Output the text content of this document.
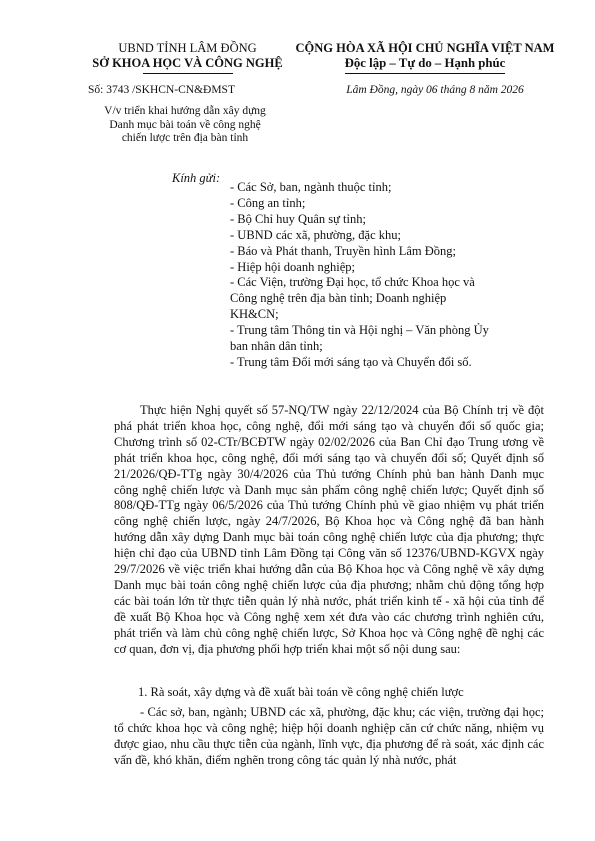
UBND TỈNH LÂM ĐỒNG
SỞ KHOA HỌC VÀ CÔNG NGHỆ
CỘNG HÒA XÃ HỘI CHỦ NGHĨA VIỆT NAM
Độc lập – Tự do – Hạnh phúc
Số: 3743 /SKHCN-CN&ĐMST	Lâm Đồng, ngày 06 tháng 8 năm 2026
V/v triển khai hướng dẫn xây dựng
Danh mục bài toán về công nghệ
chiến lược trên địa bàn tỉnh
Kính gửi:
- Các Sở, ban, ngành thuộc tỉnh;
- Công an tỉnh;
- Bộ Chỉ huy Quân sự tỉnh;
- UBND các xã, phường, đặc khu;
- Báo và Phát thanh, Truyền hình Lâm Đồng;
- Hiệp hội doanh nghiệp;
- Các Viện, trường Đại học, tổ chức Khoa học và
Công nghệ trên địa bàn tỉnh; Doanh nghiệp
KH&CN;
- Trung tâm Thông tin và Hội nghị – Văn phòng Ủy
ban nhân dân tỉnh;
- Trung tâm Đổi mới sáng tạo và Chuyển đổi số.

Thực hiện Nghị quyết số 57-NQ/TW ngày 22/12/2024 của Bộ Chính trị về đột phá phát triển khoa học, công nghệ, đổi mới sáng tạo và chuyển đổi số quốc gia; Chương trình số 02-CTr/BCĐTW ngày 02/02/2026 của Ban Chỉ đạo Trung ương về phát triển khoa học, công nghệ, đổi mới sáng tạo và chuyển đổi số; Quyết định số 21/2026/QĐ-TTg ngày 30/4/2026 của Thủ tướng Chính phủ ban hành Danh mục công nghệ chiến lược và Danh mục sản phẩm công nghệ chiến lược; Quyết định số 808/QĐ-TTg ngày 06/5/2026 của Thủ tướng Chính phủ về giao nhiệm vụ phát triển công nghệ chiến lược, ngày 24/7/2026, Bộ Khoa học và Công nghệ đã ban hành hướng dẫn xây dựng Danh mục bài toán công nghệ chiến lược của địa phương; thực hiện chỉ đạo của UBND tỉnh Lâm Đồng tại Công văn số 12376/UBND-KGVX ngày 29/7/2026 về việc triển khai hướng dẫn của Bộ Khoa học và Công nghệ về xây dựng Danh mục bài toán công nghệ chiến lược của địa phương; nhằm chủ động tổng hợp các bài toán lớn từ thực tiễn quản lý nhà nước, phát triển kinh tế - xã hội của tỉnh để đề xuất Bộ Khoa học và Công nghệ xem xét đưa vào các chương trình nghiên cứu, phát triển và làm chủ công nghệ chiến lược, Sở Khoa học và Công nghệ đề nghị các cơ quan, đơn vị, địa phương phối hợp triển khai một số nội dung sau:

1. Rà soát, xây dựng và đề xuất bài toán về công nghệ chiến lược

- Các sở, ban, ngành; UBND các xã, phường, đặc khu; các viện, trường đại học; tổ chức khoa học và công nghệ; hiệp hội doanh nghiệp căn cứ chức năng, nhiệm vụ được giao, nhu cầu thực tiễn của ngành, lĩnh vực, địa phương để rà soát, xác định các vấn đề, khó khăn, điểm nghẽn trong công tác quản lý nhà nước, phát
